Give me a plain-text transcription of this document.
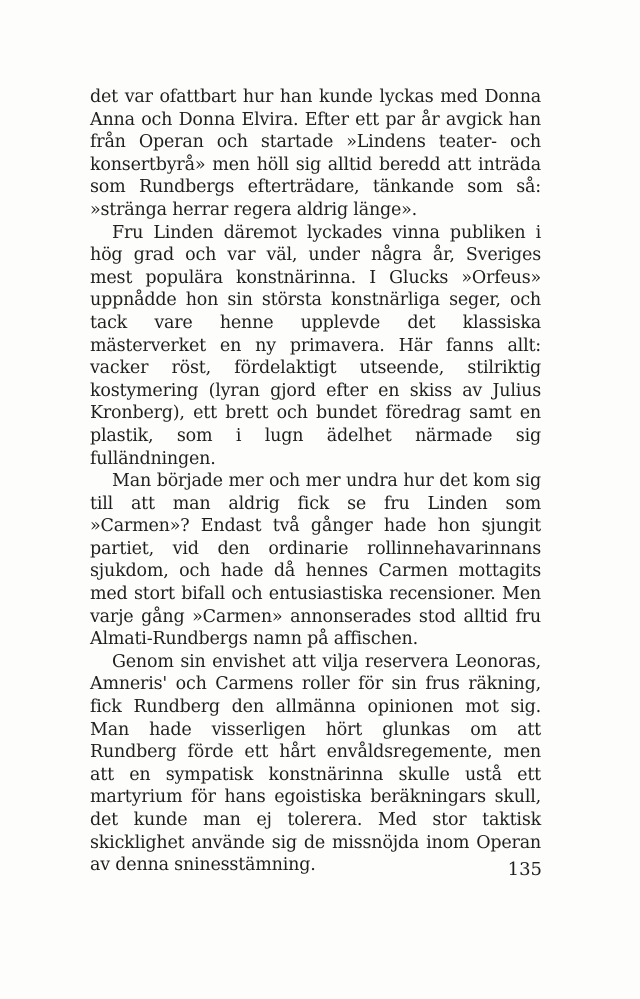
det var ofattbart hur han kunde lyckas med Donna Anna och Donna Elvira. Efter ett par år avgick han från Operan och startade »Lindens teater- och konsertbyrå» men höll sig alltid beredd att inträda som Rundbergs efterträdare, tänkande som så: »stränga herrar regera aldrig länge».

Fru Linden däremot lyckades vinna publiken i hög grad och var väl, under några år, Sveriges mest populära konstnärinna. I Glucks »Orfeus» uppnådde hon sin största konstnärliga seger, och tack vare henne upplevde det klassiska mästerverket en ny primavera. Här fanns allt: vacker röst, fördelaktigt utseende, stilriktig kostymering (lyran gjord efter en skiss av Julius Kronberg), ett brett och bundet föredrag samt en plastik, som i lugn ädelhet närmade sig fulländningen.

Man började mer och mer undra hur det kom sig till att man aldrig fick se fru Linden som »Carmen»? Endast två gånger hade hon sjungit partiet, vid den ordinarie rollinnehavarinnans sjukdom, och hade då hennes Carmen mottagits med stort bifall och entusiastiska recensioner. Men varje gång »Carmen» annonserades stod alltid fru Almati-Rundbergs namn på affischen.

Genom sin envishet att vilja reservera Leonoras, Amneris' och Carmens roller för sin frus räkning, fick Rundberg den allmänna opinionen mot sig. Man hade visserligen hört glunkas om att Rundberg förde ett hårt envåldsregemente, men att en sympatisk konstnärinna skulle ustå ett martyrium för hans egoistiska beräkningars skull, det kunde man ej tolerera. Med stor taktisk skicklighet använde sig de missnöjda inom Operan av denna sninesstämning.	135
